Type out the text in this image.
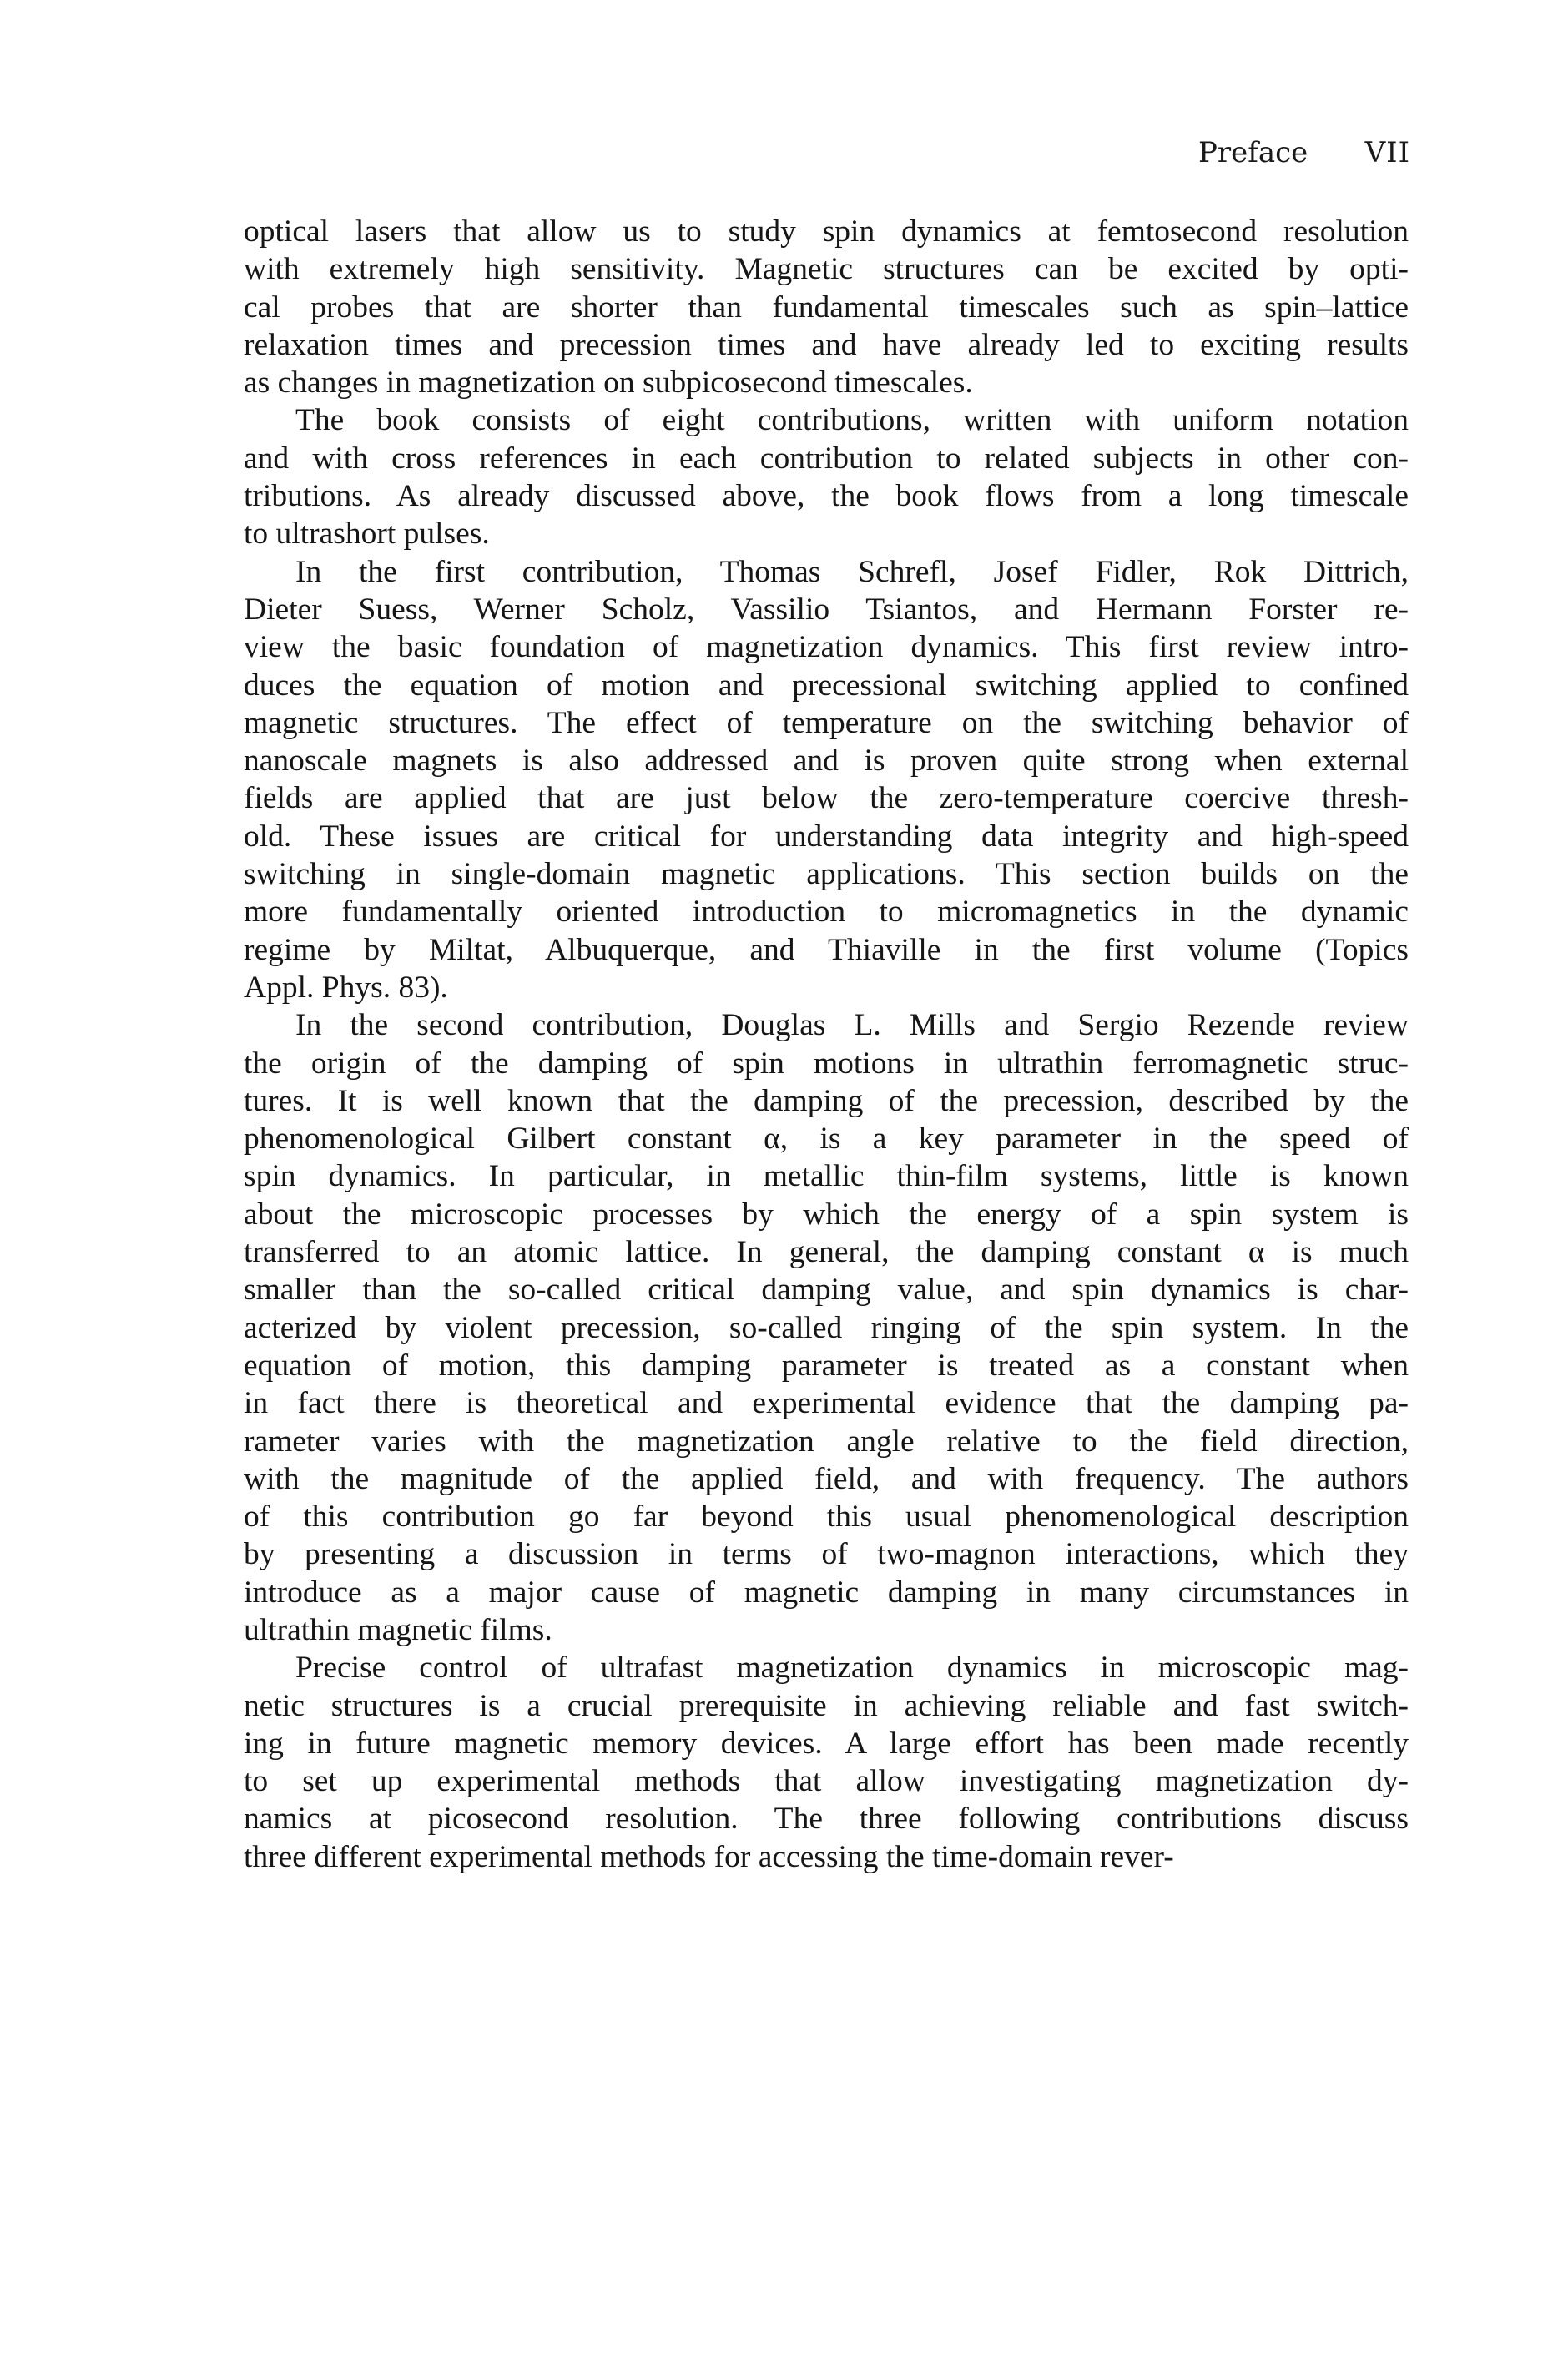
Preface VII
optical lasers that allow us to study spin dynamics at femtosecond resolution
with extremely high sensitivity. Magnetic structures can be excited by opti-
cal probes that are shorter than fundamental timescales such as spin–lattice
relaxation times and precession times and have already led to exciting results
as changes in magnetization on subpicosecond timescales.
The book consists of eight contributions, written with uniform notation
and with cross references in each contribution to related subjects in other con-
tributions. As already discussed above, the book flows from a long timescale
to ultrashort pulses.
In the first contribution, Thomas Schrefl, Josef Fidler, Rok Dittrich,
Dieter Suess, Werner Scholz, Vassilio Tsiantos, and Hermann Forster re-
view the basic foundation of magnetization dynamics. This first review intro-
duces the equation of motion and precessional switching applied to confined
magnetic structures. The effect of temperature on the switching behavior of
nanoscale magnets is also addressed and is proven quite strong when external
fields are applied that are just below the zero-temperature coercive thresh-
old. These issues are critical for understanding data integrity and high-speed
switching in single-domain magnetic applications. This section builds on the
more fundamentally oriented introduction to micromagnetics in the dynamic
regime by Miltat, Albuquerque, and Thiaville in the first volume (Topics
Appl. Phys. 83).
In the second contribution, Douglas L. Mills and Sergio Rezende review
the origin of the damping of spin motions in ultrathin ferromagnetic struc-
tures. It is well known that the damping of the precession, described by the
phenomenological Gilbert constant α, is a key parameter in the speed of
spin dynamics. In particular, in metallic thin-film systems, little is known
about the microscopic processes by which the energy of a spin system is
transferred to an atomic lattice. In general, the damping constant α is much
smaller than the so-called critical damping value, and spin dynamics is char-
acterized by violent precession, so-called ringing of the spin system. In the
equation of motion, this damping parameter is treated as a constant when
in fact there is theoretical and experimental evidence that the damping pa-
rameter varies with the magnetization angle relative to the field direction,
with the magnitude of the applied field, and with frequency. The authors
of this contribution go far beyond this usual phenomenological description
by presenting a discussion in terms of two-magnon interactions, which they
introduce as a major cause of magnetic damping in many circumstances in
ultrathin magnetic films.
Precise control of ultrafast magnetization dynamics in microscopic mag-
netic structures is a crucial prerequisite in achieving reliable and fast switch-
ing in future magnetic memory devices. A large effort has been made recently
to set up experimental methods that allow investigating magnetization dy-
namics at picosecond resolution. The three following contributions discuss
three different experimental methods for accessing the time-domain rever-
